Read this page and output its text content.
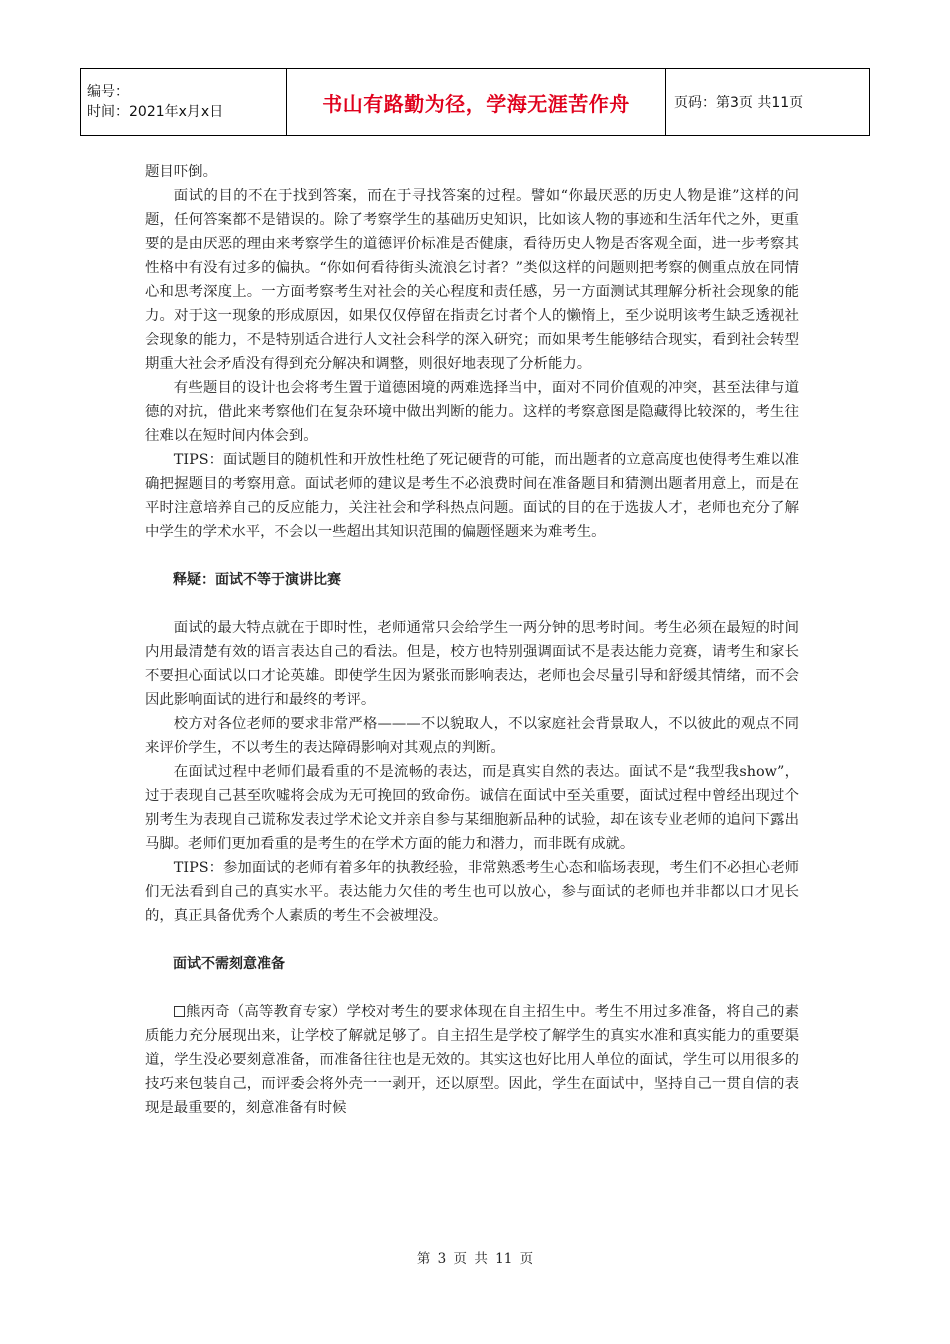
编号：
时间：2021年x月x日	书山有路勤为径，学海无涯苦作舟	页码：第3页 共11页

题目吓倒。

面试的目的不在于找到答案，而在于寻找答案的过程。譬如“你最厌恶的历史人物是谁”这样的问题，任何答案都不是错误的。除了考察学生的基础历史知识，比如该人物的事迹和生活年代之外，更重要的是由厌恶的理由来考察学生的道德评价标准是否健康，看待历史人物是否客观全面，进一步考察其性格中有没有过多的偏执。“你如何看待街头流浪乞讨者？”类似这样的问题则把考察的侧重点放在同情心和思考深度上。一方面考察考生对社会的关心程度和责任感，另一方面测试其理解分析社会现象的能力。对于这一现象的形成原因，如果仅仅停留在指责乞讨者个人的懒惰上，至少说明该考生缺乏透视社会现象的能力，不是特别适合进行人文社会科学的深入研究；而如果考生能够结合现实，看到社会转型期重大社会矛盾没有得到充分解决和调整，则很好地表现了分析能力。

有些题目的设计也会将考生置于道德困境的两难选择当中，面对不同价值观的冲突，甚至法律与道德的对抗，借此来考察他们在复杂环境中做出判断的能力。这样的考察意图是隐藏得比较深的，考生往往难以在短时间内体会到。

TIPS：面试题目的随机性和开放性杜绝了死记硬背的可能，而出题者的立意高度也使得考生难以准确把握题目的考察用意。面试老师的建议是考生不必浪费时间在准备题目和猜测出题者用意上，而是在平时注意培养自己的反应能力，关注社会和学科热点问题。面试的目的在于选拔人才，老师也充分了解中学生的学术水平，不会以一些超出其知识范围的偏题怪题来为难考生。

释疑：面试不等于演讲比赛

面试的最大特点就在于即时性，老师通常只会给学生一两分钟的思考时间。考生必须在最短的时间内用最清楚有效的语言表达自己的看法。但是，校方也特别强调面试不是表达能力竞赛，请考生和家长不要担心面试以口才论英雄。即使学生因为紧张而影响表达，老师也会尽量引导和舒缓其情绪，而不会因此影响面试的进行和最终的考评。

校方对各位老师的要求非常严格———不以貌取人，不以家庭社会背景取人，不以彼此的观点不同来评价学生，不以考生的表达障碍影响对其观点的判断。

在面试过程中老师们最看重的不是流畅的表达，而是真实自然的表达。面试不是“我型我show”，过于表现自己甚至吹嘘将会成为无可挽回的致命伤。诚信在面试中至关重要，面试过程中曾经出现过个别考生为表现自己谎称发表过学术论文并亲自参与某细胞新品种的试验，却在该专业老师的追问下露出马脚。老师们更加看重的是考生的在学术方面的能力和潜力，而非既有成就。

TIPS：参加面试的老师有着多年的执教经验，非常熟悉考生心态和临场表现，考生们不必担心老师们无法看到自己的真实水平。表达能力欠佳的考生也可以放心，参与面试的老师也并非都以口才见长的，真正具备优秀个人素质的考生不会被埋没。

面试不需刻意准备

熊丙奇（高等教育专家）学校对考生的要求体现在自主招生中。考生不用过多准备，将自己的素质能力充分展现出来，让学校了解就足够了。自主招生是学校了解学生的真实水准和真实能力的重要渠道，学生没必要刻意准备，而准备往往也是无效的。其实这也好比用人单位的面试，学生可以用很多的技巧来包装自己，而评委会将外壳一一剥开，还以原型。因此，学生在面试中，坚持自己一贯自信的表现是最重要的，刻意准备有时候

第 3 页 共 11 页
